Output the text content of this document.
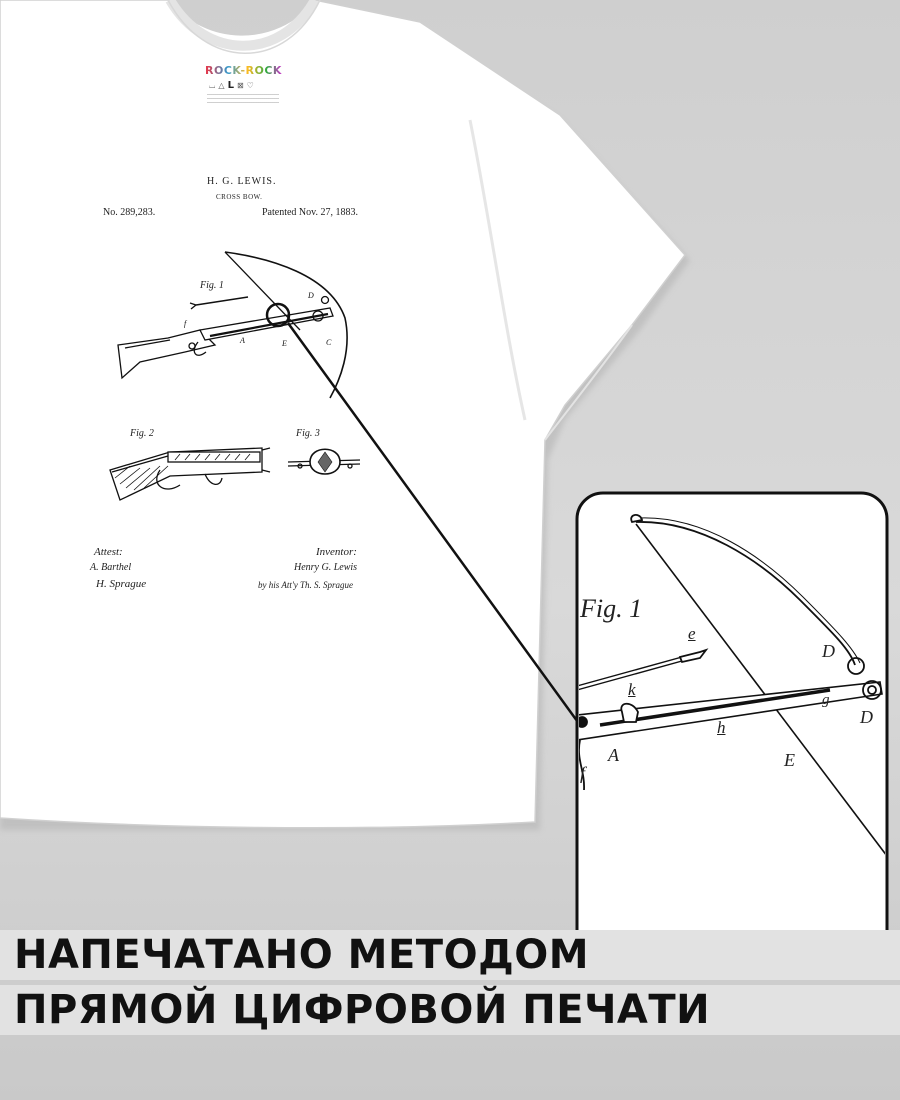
f
A	E
D
C
ROCK-ROCK
⌴△L⊠♡
H. G. LEWIS.
CROSS BOW.
No. 289,283.	Patented Nov. 27, 1883.
Fig. 1
Fig. 2	Fig. 3
Attest:
A. Barthel
H. Sprague
Inventor:
Henry G. Lewis
by his Att'y Th. S. Sprague
Fig. 1
e
D
k
g
D
h
A	E
f
НАПЕЧАТАНО МЕТОДОМ
ПРЯМОЙ ЦИФРОВОЙ ПЕЧАТИ
